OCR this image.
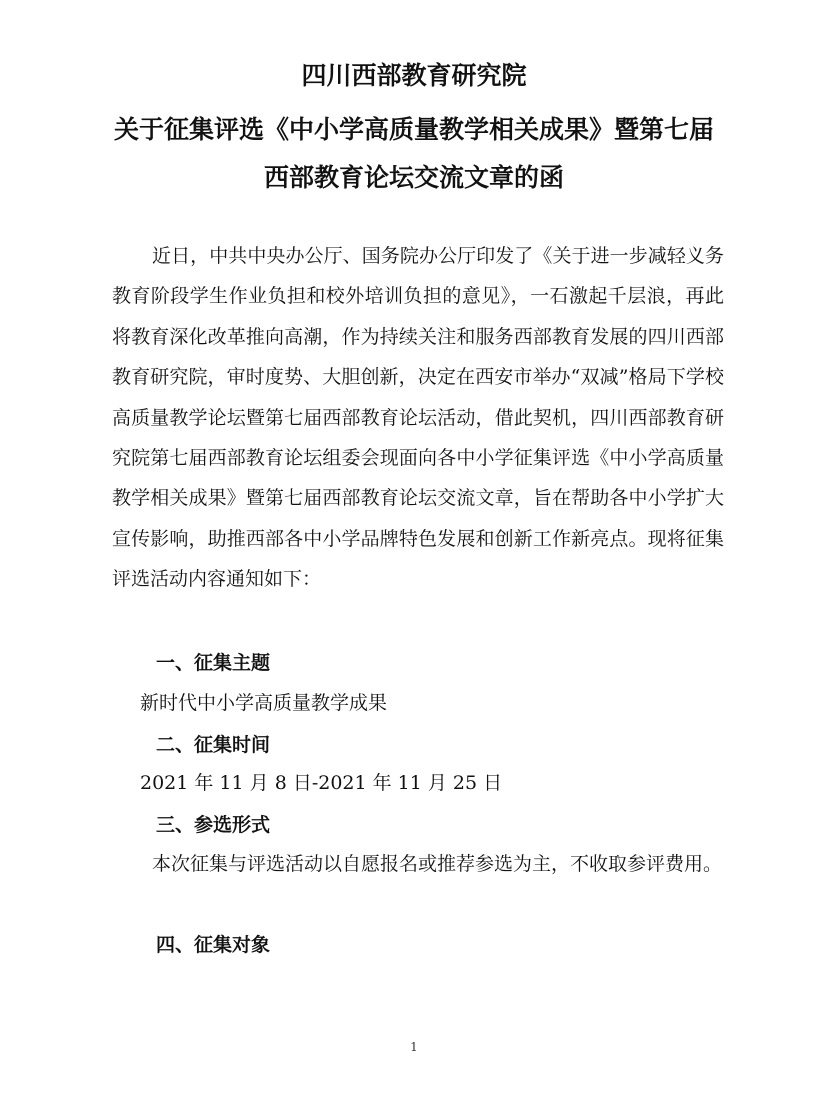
四川西部教育研究院
关于征集评选《中小学高质量教学相关成果》暨第七届
西部教育论坛交流文章的函

近日，中共中央办公厅、国务院办公厅印发了《关于进一步减轻义务教育阶段学生作业负担和校外培训负担的意见》，一石激起千层浪，再此将教育深化改革推向高潮，作为持续关注和服务西部教育发展的四川西部教育研究院，审时度势、大胆创新，决定在西安市举办“双减”格局下学校高质量教学论坛暨第七届西部教育论坛活动，借此契机，四川西部教育研究院第七届西部教育论坛组委会现面向各中小学征集评选《中小学高质量教学相关成果》暨第七届西部教育论坛交流文章，旨在帮助各中小学扩大宣传影响，助推西部各中小学品牌特色发展和创新工作新亮点。现将征集评选活动内容通知如下：

一、征集主题
新时代中小学高质量教学成果
二、征集时间
2021 年 11 月 8 日-2021 年 11 月 25 日
三、参选形式

本次征集与评选活动以自愿报名或推荐参选为主，不收取参评费用。

四、征集对象
1
